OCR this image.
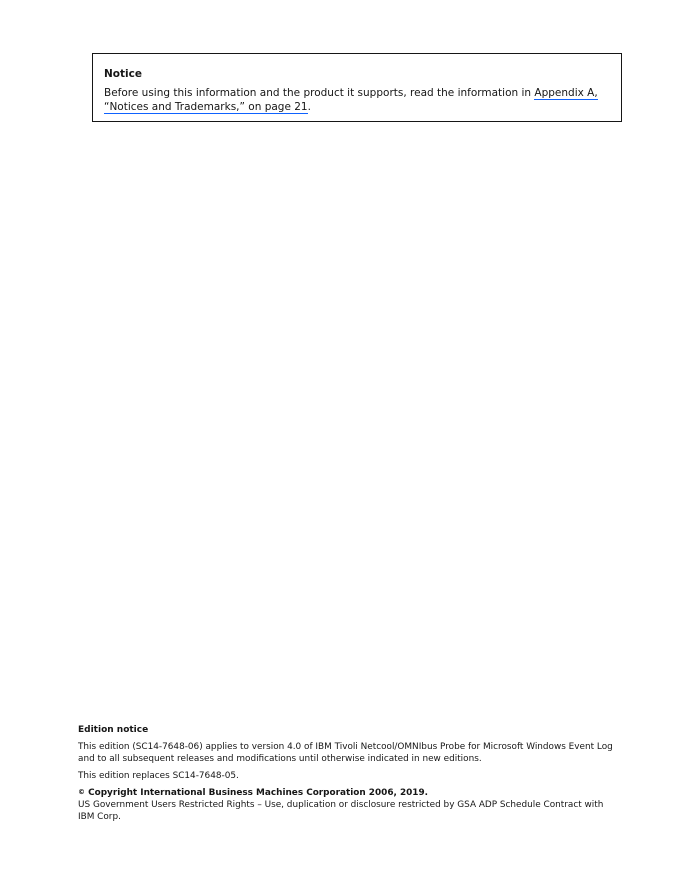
Notice
Before using this information and the product it supports, read the information in Appendix A, “Notices and Trademarks,” on page 21.
Edition notice

This edition (SC14-7648-06) applies to version 4.0 of IBM Tivoli Netcool/OMNIbus Probe for Microsoft Windows Event Log and to all subsequent releases and modifications until otherwise indicated in new editions.

This edition replaces SC14-7648-05.

© Copyright International Business Machines Corporation 2006, 2019.
US Government Users Restricted Rights – Use, duplication or disclosure restricted by GSA ADP Schedule Contract with IBM Corp.
